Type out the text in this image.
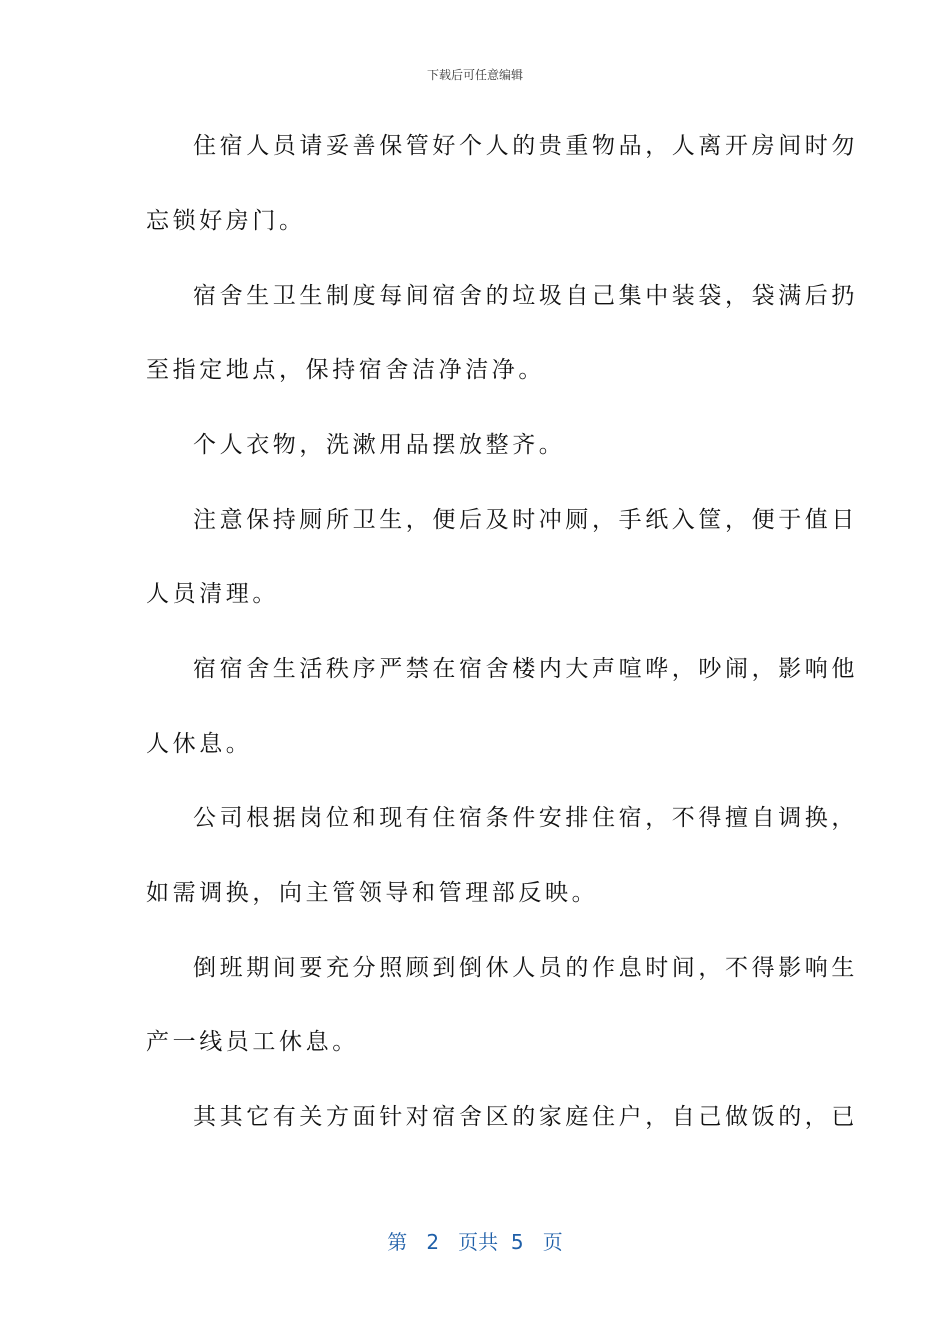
下载后可任意编辑
住宿人员请妥善保管好个人的贵重物品，人离开房间时勿
忘锁好房门。
宿舍生卫生制度每间宿舍的垃圾自己集中装袋，袋满后扔
至指定地点，保持宿舍洁净洁净。
个人衣物，洗漱用品摆放整齐。
注意保持厕所卫生，便后及时冲厕，手纸入筐，便于值日
人员清理。
宿宿舍生活秩序严禁在宿舍楼内大声喧哗，吵闹，影响他
人休息。
公司根据岗位和现有住宿条件安排住宿，不得擅自调换，
如需调换，向主管领导和管理部反映。
倒班期间要充分照顾到倒休人员的作息时间，不得影响生
产一线员工休息。
其其它有关方面针对宿舍区的家庭住户，自己做饭的，已
第 2 页共 5 页
